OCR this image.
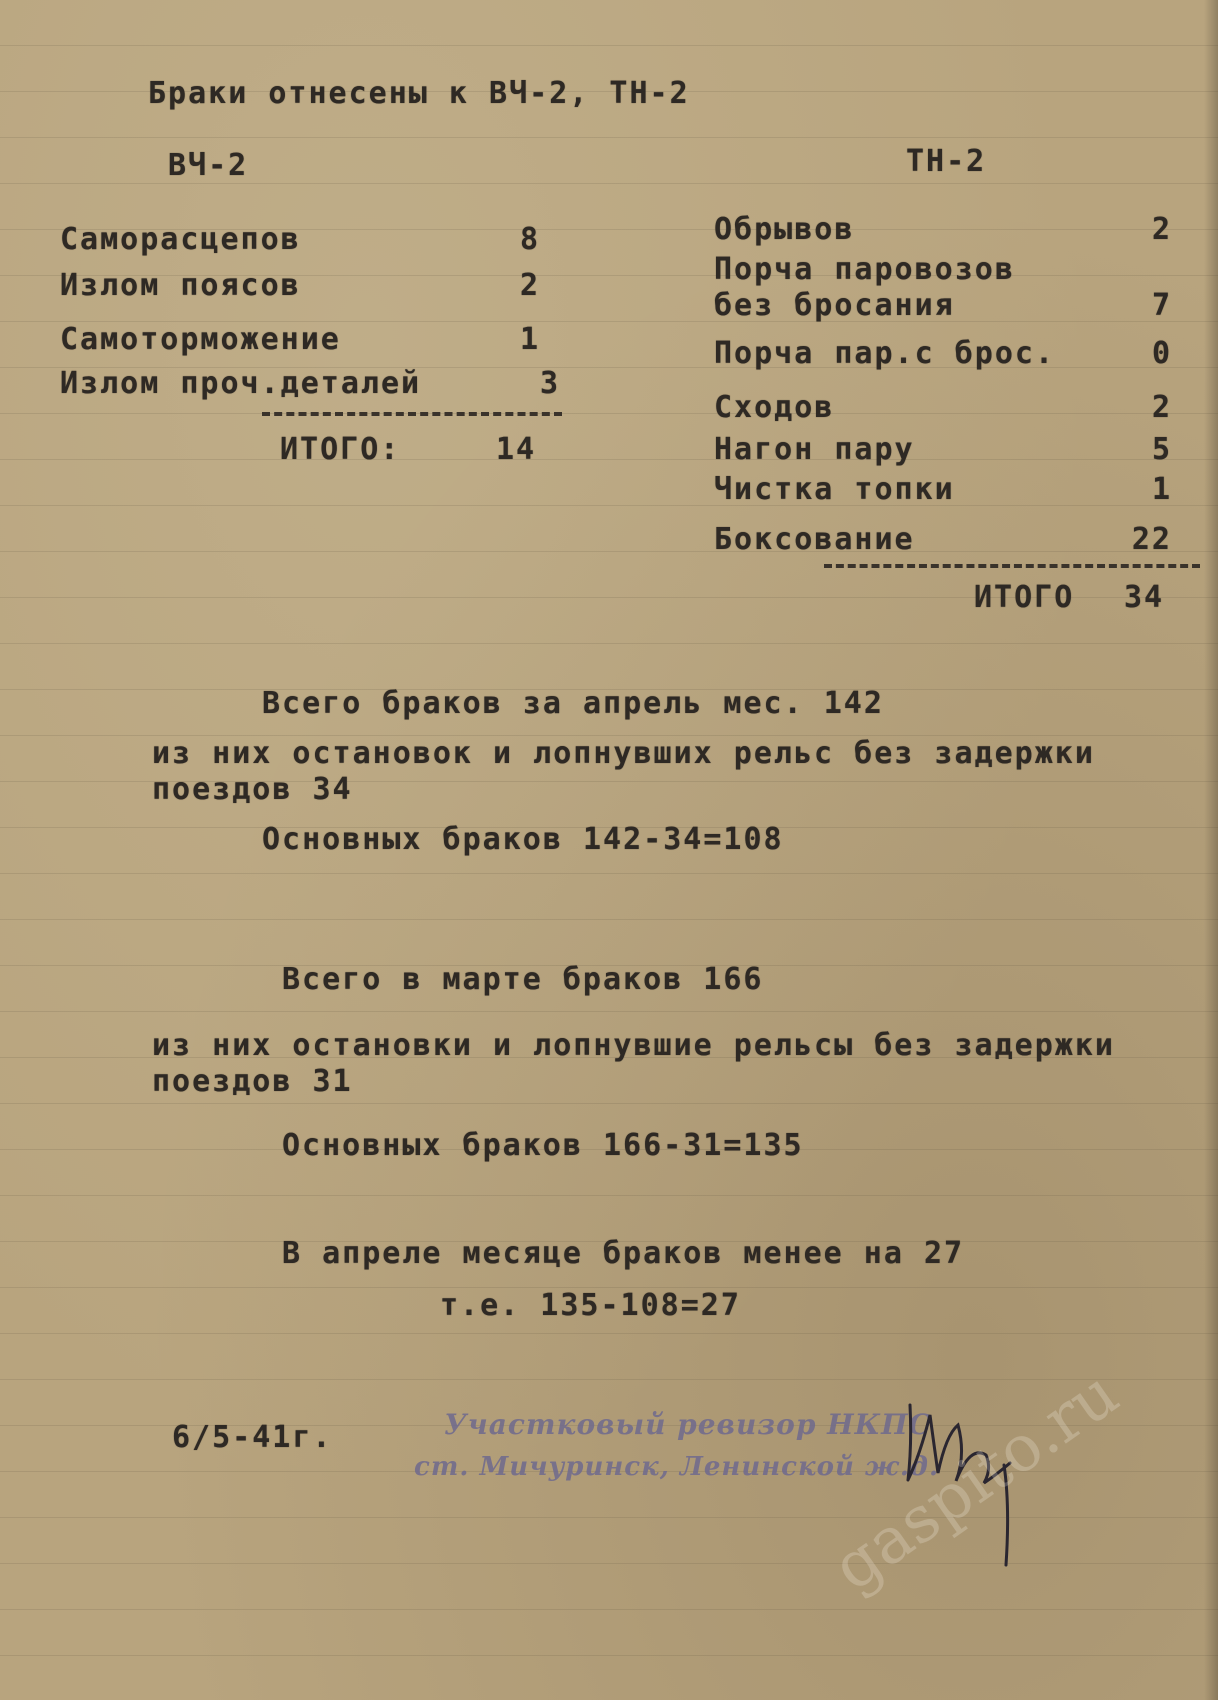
Браки отнесены к ВЧ-2, ТН-2
ВЧ-2
Саморасцепов	8
Излом поясов	2
Самоторможение	1
Излом проч.деталей	3
ИТОГО:	14
ТН-2
Обрывов	2
Порча паровозов
без бросания	7
Порча пар.с брос.	0
Сходов	2
Нагон пару	5
Чистка топки	1
Боксование	22
ИТОГО 34
Всего браков за апрель мес. 142
из них остановок и лопнувших рельс без задержки
поездов 34
Основных браков 142-34=108
Всего в марте браков 166
из них остановки и лопнувшие рельсы без задержки
поездов 31
Основных браков 166-31=135
В апреле месяце браков менее на 27
т.е. 135-108=27
6/5-41г.	Участковый ревизор НКПС
ст. Мичуринск, Ленинской ж.д.
gaspito.ru
